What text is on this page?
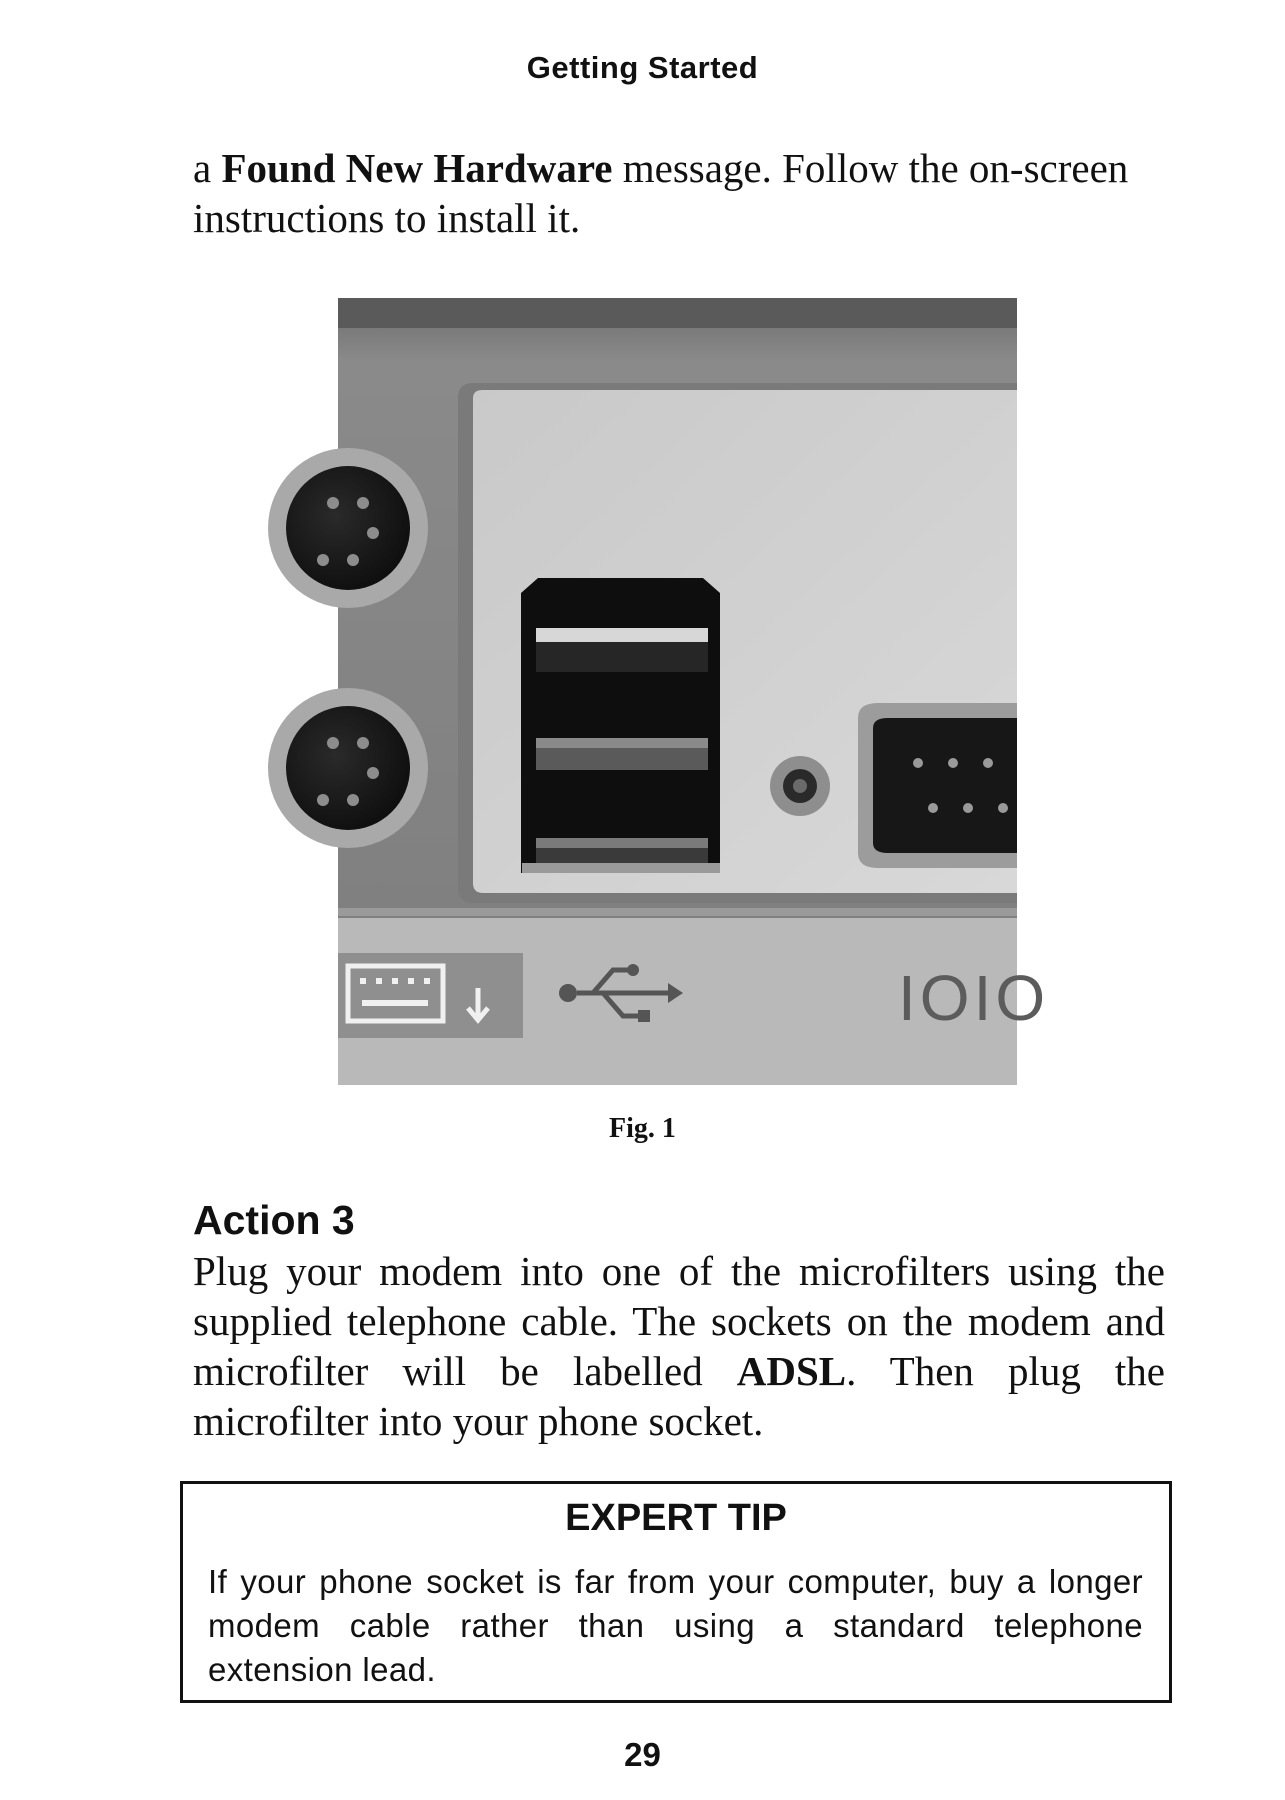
Getting Started

a Found New Hardware message. Follow the on-screen instructions to install it.

IOIO
Fig. 1
Action 3

Plug your modem into one of the microfilters using the supplied telephone cable. The sockets on the modem and microfilter will be labelled ADSL. Then plug the microfilter into your phone socket.

EXPERT TIP
If your phone socket is far from your computer, buy a longer modem cable rather than using a standard telephone extension lead.
29
